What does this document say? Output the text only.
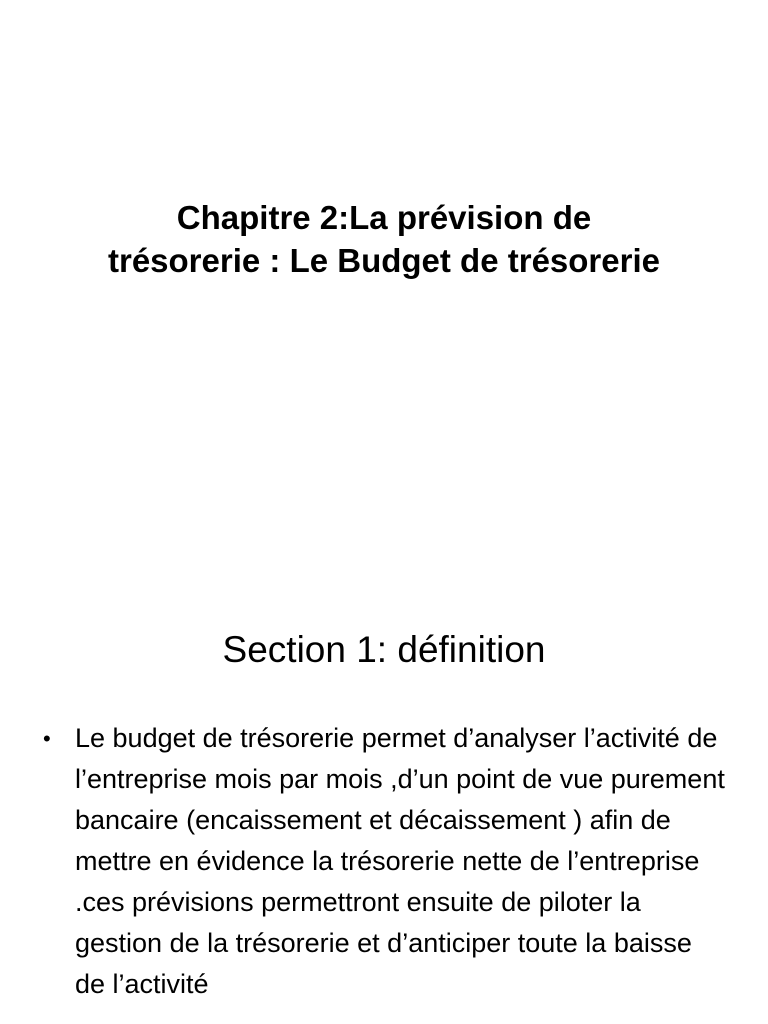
Chapitre 2:La prévision de
trésorerie : Le Budget de trésorerie
Section 1: définition
• Le budget de trésorerie permet d’analyser l’activité de l’entreprise mois par mois ,d’un point de vue purement bancaire (encaissement et décaissement ) afin de mettre en évidence la trésorerie nette de l’entreprise .ces prévisions permettront ensuite de piloter la gestion de la trésorerie et d’anticiper toute la baisse de l’activité
